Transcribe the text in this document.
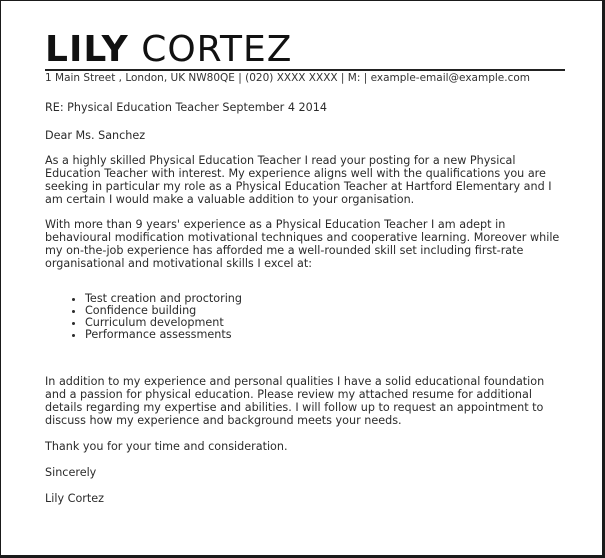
LILY CORTEZ
1 Main Street , London, UK NW80QE | (020) XXXX XXXX | M: | example-email@example.com

RE: Physical Education Teacher September 4 2014

Dear Ms. Sanchez

As a highly skilled Physical Education Teacher I read your posting for a new Physical Education Teacher with interest. My experience aligns well with the qualifications you are seeking in particular my role as a Physical Education Teacher at Hartford Elementary and I am certain I would make a valuable addition to your organisation.

With more than 9 years' experience as a Physical Education Teacher I am adept in behavioural modification motivational techniques and cooperative learning. Moreover while my on-the-job experience has afforded me a well-rounded skill set including first-rate organisational and motivational skills I excel at:

• Test creation and proctoring
• Confidence building
• Curriculum development
• Performance assessments

In addition to my experience and personal qualities I have a solid educational foundation and a passion for physical education. Please review my attached resume for additional details regarding my expertise and abilities. I will follow up to request an appointment to discuss how my experience and background meets your needs.

Thank you for your time and consideration.

Sincerely

Lily Cortez
